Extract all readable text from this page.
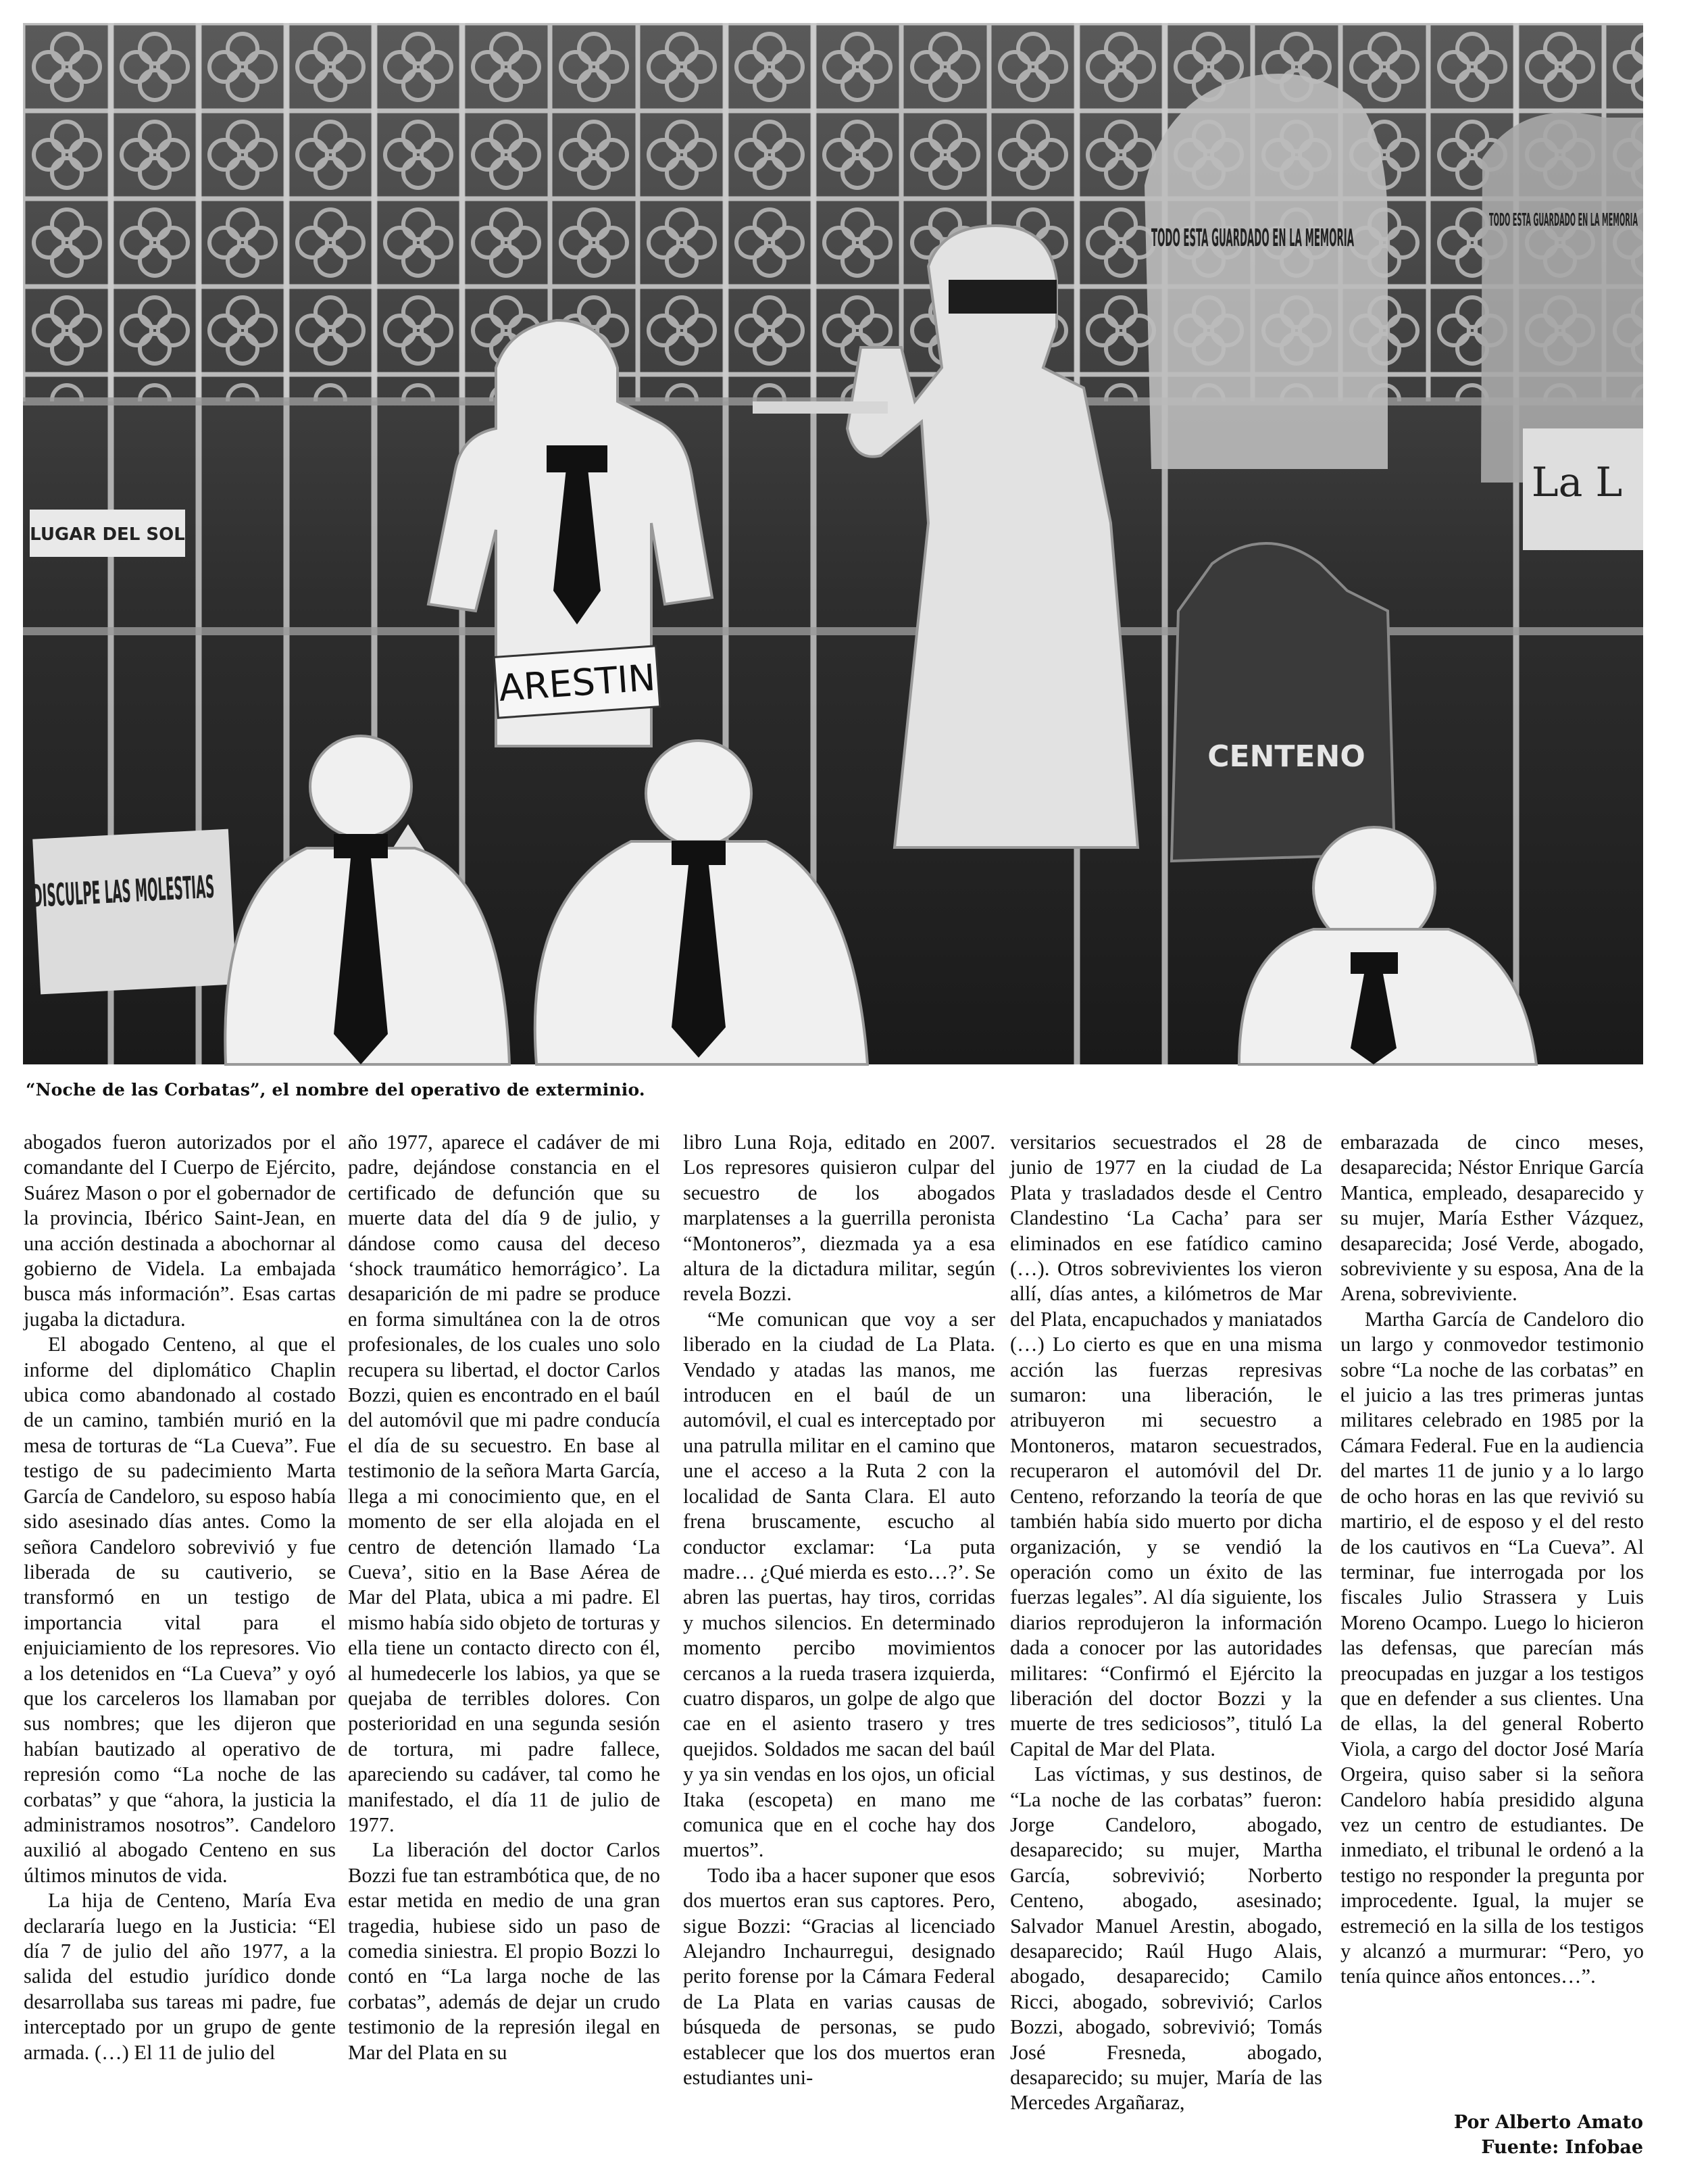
LUGAR DEL SOL
CENTENO
TODO ESTA GUARDADO EN LA MEMORIA
TODO ESTA GUARDADO EN LA MEMORIA
La L
ARESTIN
“Noche de las Corbatas”, el nombre del operativo de exterminio.

abogados fueron autorizados por el comandante del I Cuerpo de Ejército, Suárez Mason o por el gobernador de la provincia, Ibérico Saint-Jean, en una acción destinada a abochornar al gobierno de Videla. La embajada busca más información”. Esas cartas jugaba la dictadura.

El abogado Centeno, al que el informe del diplomático Chaplin ubica como abandonado al costado de un camino, también murió en la mesa de torturas de “La Cueva”. Fue testigo de su padecimiento Marta García de Candeloro, su esposo había sido asesinado días antes. Como la señora Candeloro sobrevivió y fue liberada de su cautiverio, se transformó en un testigo de importancia vital para el enjuiciamiento de los represores. Vio a los detenidos en “La Cueva” y oyó que los carceleros los llamaban por sus nombres; que les dijeron que habían bautizado al operativo de represión como “La noche de las corbatas” y que “ahora, la justicia la administramos nosotros”. Candeloro auxilió al abogado Centeno en sus últimos minutos de vida.

La hija de Centeno, María Eva declararía luego en la Justicia: “El día 7 de julio del año 1977, a la salida del estudio jurídico donde desarrollaba sus tareas mi padre, fue interceptado por un grupo de gente armada. (…) El 11 de julio del

año 1977, aparece el cadáver de mi padre, dejándose constancia en el certificado de defunción que su muerte data del día 9 de julio, y dándose como causa del deceso ‘shock traumático hemorrágico’. La desaparición de mi padre se produce en forma simultánea con la de otros profesionales, de los cuales uno solo recupera su libertad, el doctor Carlos Bozzi, quien es encontrado en el baúl del automóvil que mi padre conducía el día de su secuestro. En base al testimonio de la señora Marta García, llega a mi conocimiento que, en el momento de ser ella alojada en el centro de detención llamado ‘La Cueva’, sitio en la Base Aérea de Mar del Plata, ubica a mi padre. El mismo había sido objeto de torturas y ella tiene un contacto directo con él, al humedecerle los labios, ya que se quejaba de terribles dolores. Con posterioridad en una segunda sesión de tortura, mi padre fallece, apareciendo su cadáver, tal como he manifestado, el día 11 de julio de 1977.

La liberación del doctor Carlos Bozzi fue tan estrambótica que, de no estar metida en medio de una gran tragedia, hubiese sido un paso de comedia siniestra. El propio Bozzi lo contó en “La larga noche de las corbatas”, además de dejar un crudo testimonio de la represión ilegal en Mar del Plata en su

libro Luna Roja, editado en 2007. Los represores quisieron culpar del secuestro de los abogados marplatenses a la guerrilla peronista “Montoneros”, diezmada ya a esa altura de la dictadura militar, según revela Bozzi.

“Me comunican que voy a ser liberado en la ciudad de La Plata. Vendado y atadas las manos, me introducen en el baúl de un automóvil, el cual es interceptado por una patrulla militar en el camino que une el acceso a la Ruta 2 con la localidad de Santa Clara. El auto frena bruscamente, escucho al conductor exclamar: ‘La puta madre… ¿Qué mierda es esto…?’. Se abren las puertas, hay tiros, corridas y muchos silencios. En determinado momento percibo movimientos cercanos a la rueda trasera izquierda, cuatro disparos, un golpe de algo que cae en el asiento trasero y tres quejidos. Soldados me sacan del baúl y ya sin vendas en los ojos, un oficial Itaka (escopeta) en mano me comunica que en el coche hay dos muertos”.

Todo iba a hacer suponer que esos dos muertos eran sus captores. Pero, sigue Bozzi: “Gracias al licenciado Alejandro Inchaurregui, designado perito forense por la Cámara Federal de La Plata en varias causas de búsqueda de personas, se pudo establecer que los dos muertos eran estudiantes uni-

versitarios secuestrados el 28 de junio de 1977 en la ciudad de La Plata y trasladados desde el Centro Clandestino ‘La Cacha’ para ser eliminados en ese fatídico camino (…). Otros sobrevivientes los vieron allí, días antes, a kilómetros de Mar del Plata, encapuchados y maniatados (…) Lo cierto es que en una misma acción las fuerzas represivas sumaron: una liberación, le atribuyeron mi secuestro a Montoneros, mataron secuestrados, recuperaron el automóvil del Dr. Centeno, reforzando la teoría de que también había sido muerto por dicha organización, y se vendió la operación como un éxito de las fuerzas legales”. Al día siguiente, los diarios reprodujeron la información dada a conocer por las autoridades militares: “Confirmó el Ejército la liberación del doctor Bozzi y la muerte de tres sediciosos”, tituló La Capital de Mar del Plata.

Las víctimas, y sus destinos, de “La noche de las corbatas” fueron: Jorge Candeloro, abogado, desaparecido; su mujer, Martha García, sobrevivió; Norberto Centeno, abogado, asesinado; Salvador Manuel Arestin, abogado, desaparecido; Raúl Hugo Alais, abogado, desaparecido; Camilo Ricci, abogado, sobrevivió; Carlos Bozzi, abogado, sobrevivió; Tomás José Fresneda, abogado, desaparecido; su mujer, María de las Mercedes Argañaraz,

embarazada de cinco meses, desaparecida; Néstor Enrique García Mantica, empleado, desaparecido y su mujer, María Esther Vázquez, desaparecida; José Verde, abogado, sobreviviente y su esposa, Ana de la Arena, sobreviviente.

Martha García de Candeloro dio un largo y conmovedor testimonio sobre “La noche de las corbatas” en el juicio a las tres primeras juntas militares celebrado en 1985 por la Cámara Federal. Fue en la audiencia del martes 11 de junio y a lo largo de ocho horas en las que revivió su martirio, el de esposo y el del resto de los cautivos en “La Cueva”. Al terminar, fue interrogada por los fiscales Julio Strassera y Luis Moreno Ocampo. Luego lo hicieron las defensas, que parecían más preocupadas en juzgar a los testigos que en defender a sus clientes. Una de ellas, la del general Roberto Viola, a cargo del doctor José María Orgeira, quiso saber si la señora Candeloro había presidido alguna vez un centro de estudiantes. De inmediato, el tribunal le ordenó a la testigo no responder la pregunta por improcedente. Igual, la mujer se estremeció en la silla de los testigos y alcanzó a murmurar: “Pero, yo tenía quince años entonces…”.

Por Alberto Amato
Fuente: Infobae
